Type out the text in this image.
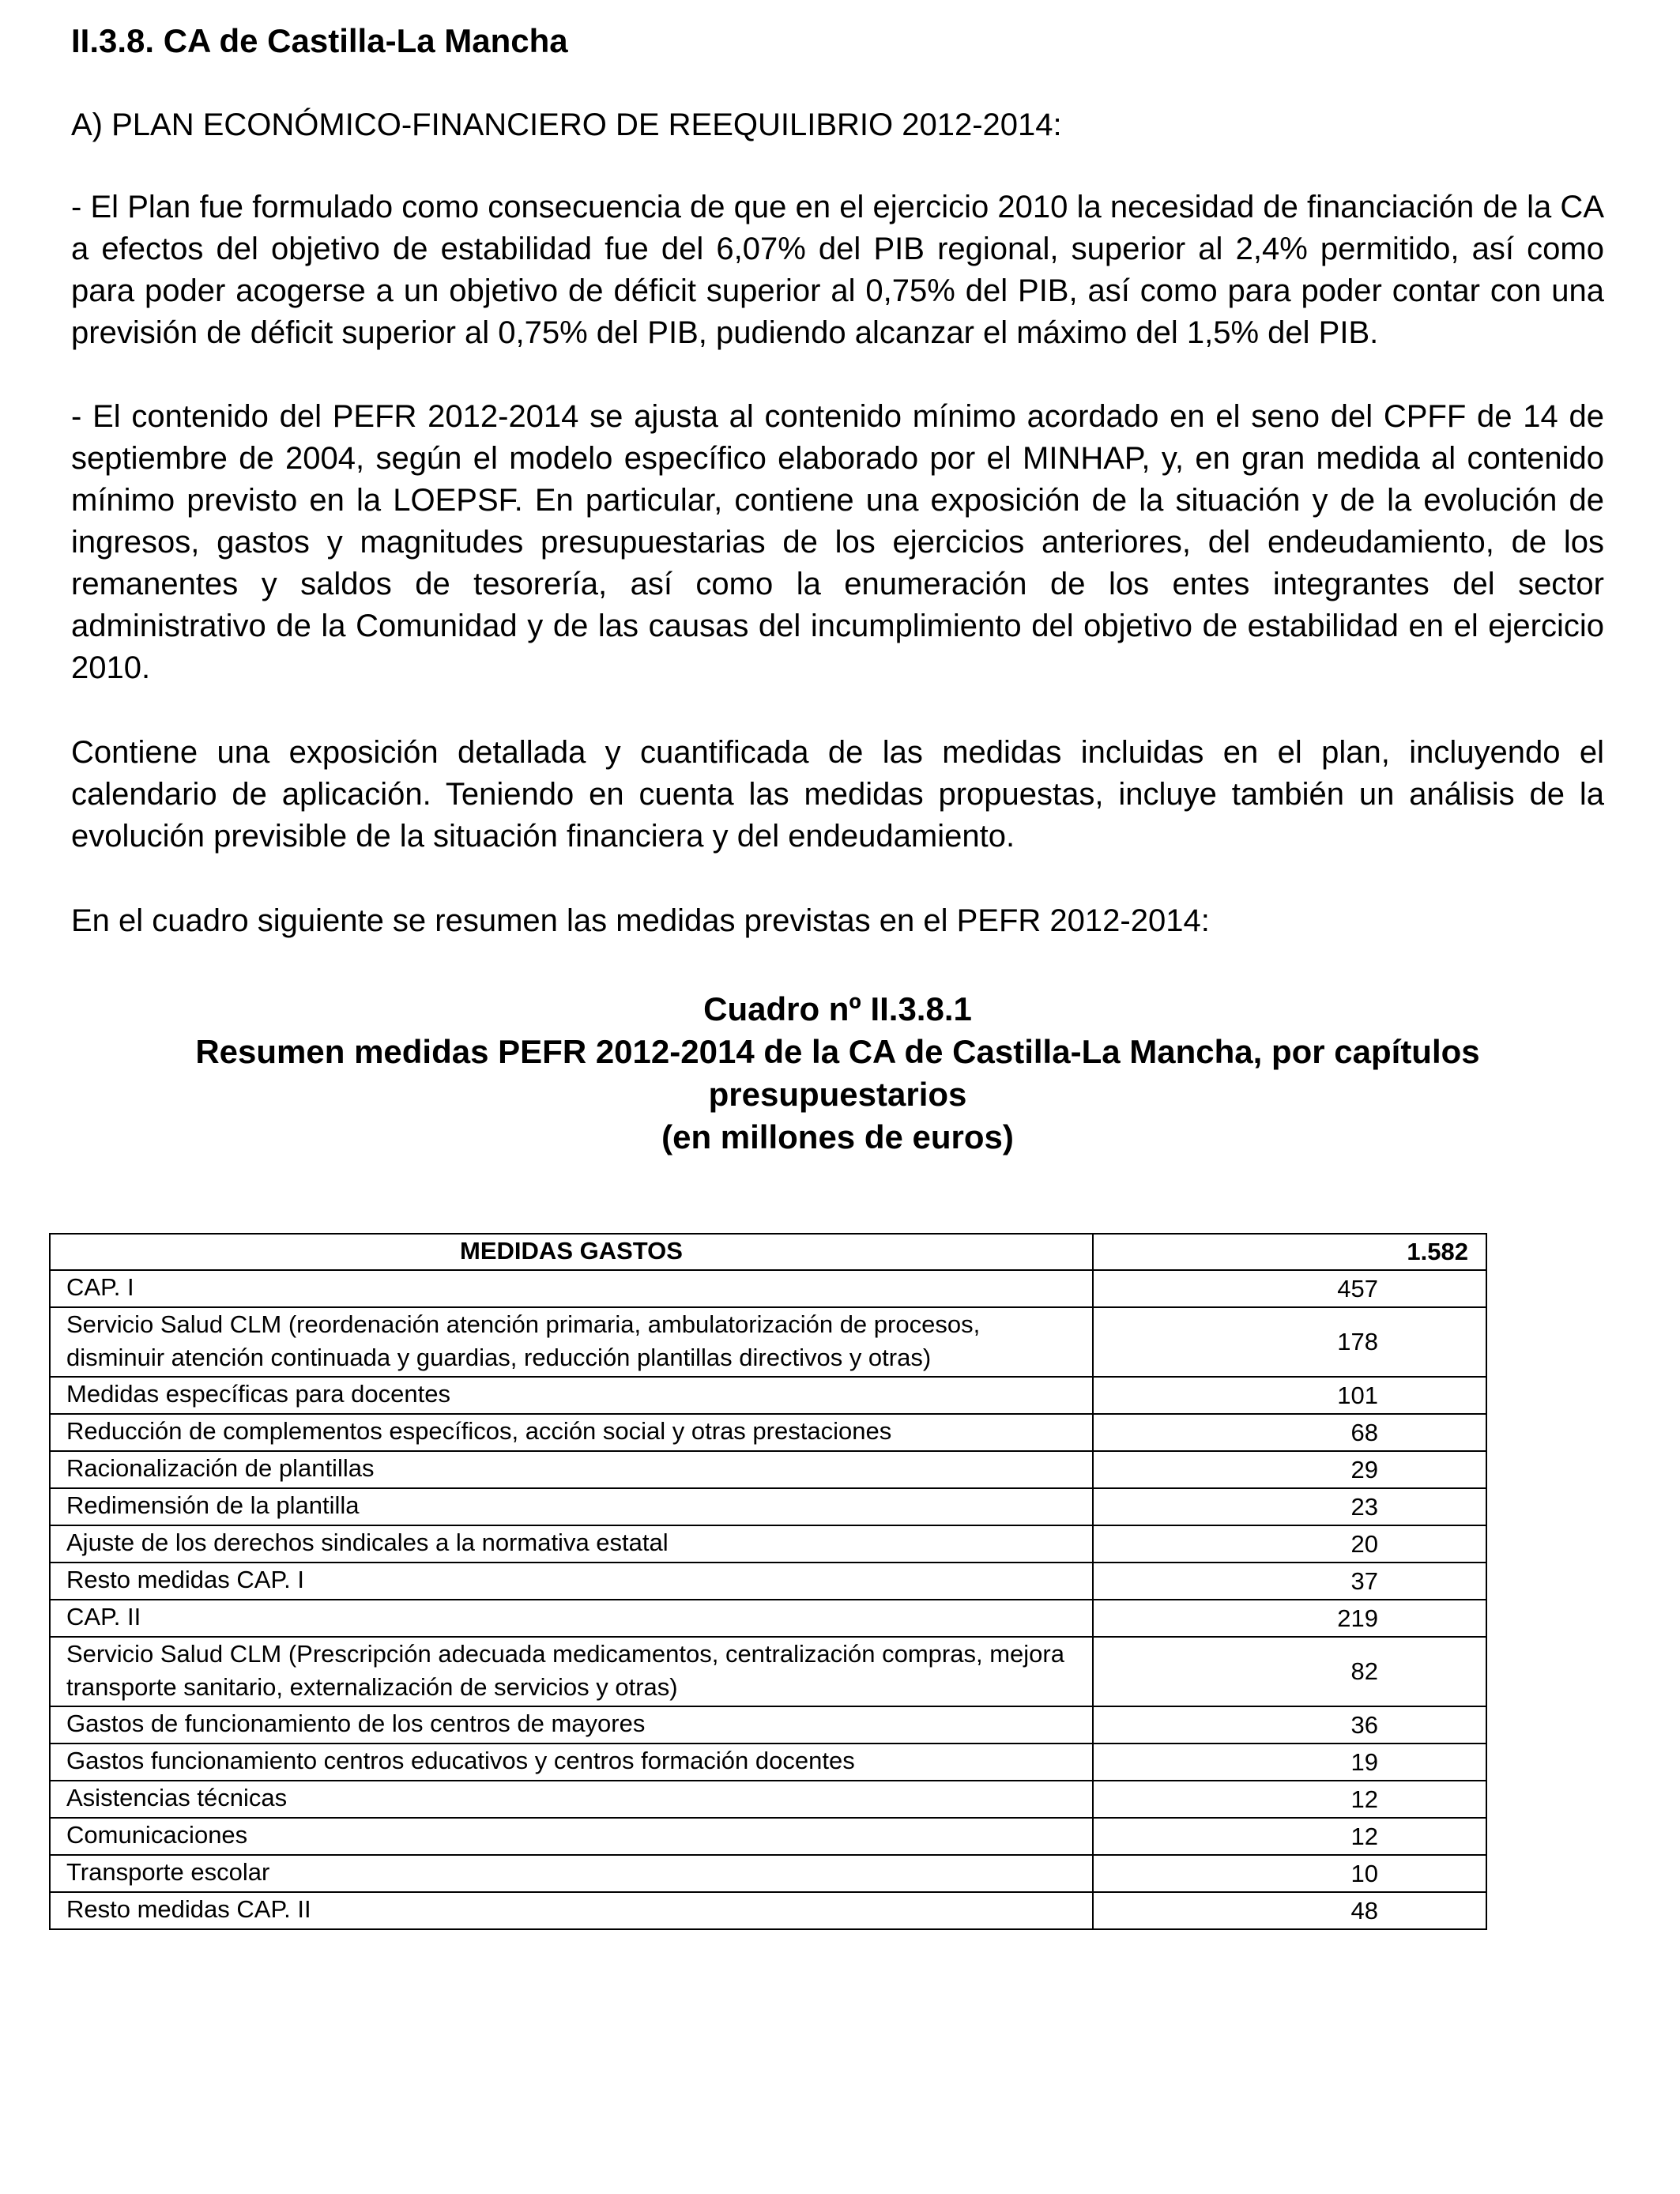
II.3.8. CA de Castilla-La Mancha

A) PLAN ECONÓMICO-FINANCIERO DE REEQUILIBRIO 2012-2014:

- El Plan fue formulado como consecuencia de que en el ejercicio 2010 la necesidad de financiación de la CA a efectos del objetivo de estabilidad fue del 6,07% del PIB regional, superior al 2,4% permitido, así como para poder acogerse a un objetivo de déficit superior al 0,75% del PIB, así como para poder contar con una previsión de déficit superior al 0,75% del PIB, pudiendo alcanzar el máximo del 1,5% del PIB.

- El contenido del PEFR 2012-2014 se ajusta al contenido mínimo acordado en el seno del CPFF de 14 de septiembre de 2004, según el modelo específico elaborado por el MINHAP, y, en gran medida al contenido mínimo previsto en la LOEPSF. En particular, contiene una exposición de la situación y de la evolución de ingresos, gastos y magnitudes presupuestarias de los ejercicios anteriores, del endeudamiento, de los remanentes y saldos de tesorería, así como la enumeración de los entes integrantes del sector administrativo de la Comunidad y de las causas del incumplimiento del objetivo de estabilidad en el ejercicio 2010.

Contiene una exposición detallada y cuantificada de las medidas incluidas en el plan, incluyendo el calendario de aplicación. Teniendo en cuenta las medidas propuestas, incluye también un análisis de la evolución previsible de la situación financiera y del endeudamiento.

En el cuadro siguiente se resumen las medidas previstas en el PEFR 2012-2014:

Cuadro nº II.3.8.1

Resumen medidas PEFR 2012-2014 de la CA de Castilla-La Mancha, por capítulos

presupuestarios

(en millones de euros)

MEDIDAS GASTOS	1.582
CAP. I	457
Servicio Salud CLM (reordenación atención primaria, ambulatorización de procesos, disminuir atención continuada y guardias, reducción plantillas directivos y otras)	178
Medidas específicas para docentes	101
Reducción de complementos específicos, acción social y otras prestaciones	68
Racionalización de plantillas	29
Redimensión de la plantilla	23
Ajuste de los derechos sindicales a la normativa estatal	20
Resto medidas CAP. I	37
CAP. II	219
Servicio Salud CLM (Prescripción adecuada medicamentos, centralización compras, mejora transporte sanitario, externalización de servicios y otras)	82
Gastos de funcionamiento de los centros de mayores	36
Gastos funcionamiento centros educativos y centros formación docentes	19
Asistencias técnicas	12
Comunicaciones	12
Transporte escolar	10
Resto medidas CAP. II	48
